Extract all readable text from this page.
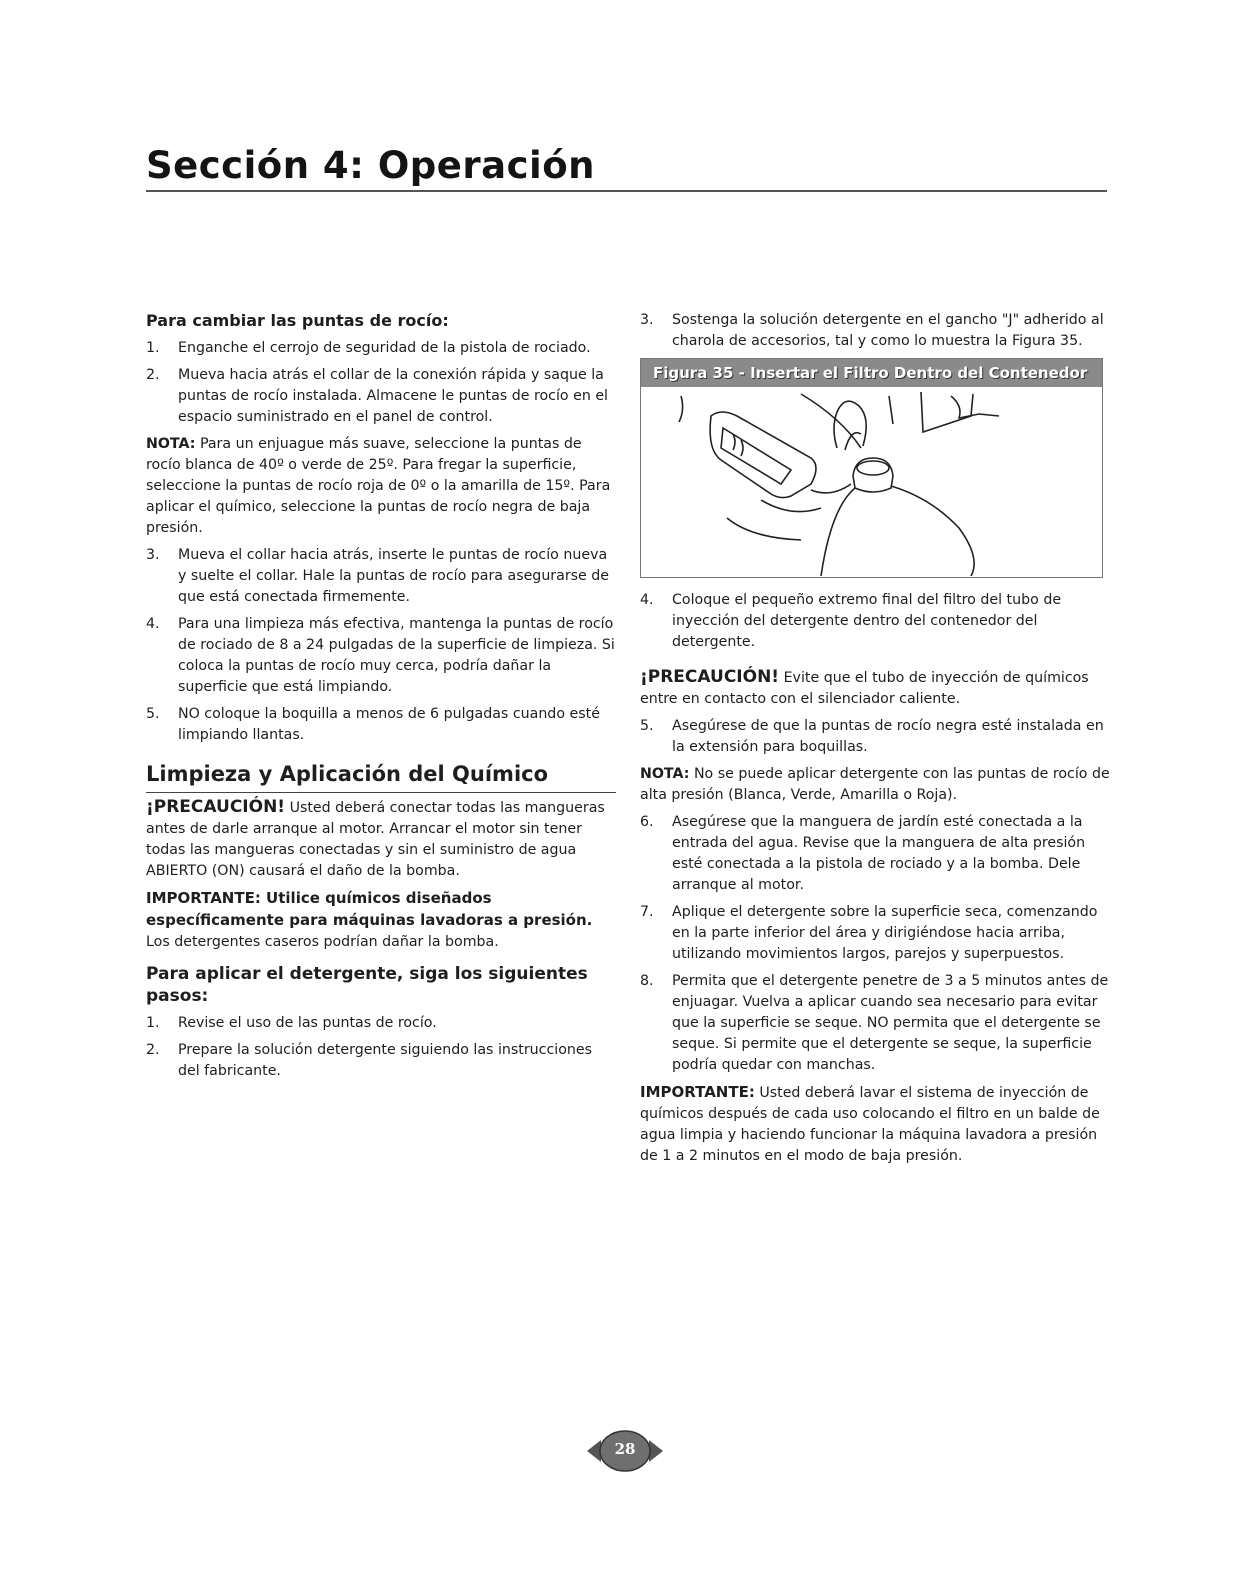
Sección 4: Operación
Para cambiar las puntas de rocío:
1.	Enganche el cerrojo de seguridad de la pistola de rociado.
2.	Mueva hacia atrás el collar de la conexión rápida y saque la puntas de rocío instalada. Almacene le puntas de rocío en el espacio suministrado en el panel de control.

NOTA: Para un enjuague más suave, seleccione la puntas de rocío blanca de 40º o verde de 25º. Para fregar la superficie, seleccione la puntas de rocío roja de 0º o la amarilla de 15º. Para aplicar el químico, seleccione la puntas de rocío negra de baja presión.

3.	Mueva el collar hacia atrás, inserte le puntas de rocío nueva y suelte el collar. Hale la puntas de rocío para asegurarse de que está conectada firmemente.
4.	Para una limpieza más efectiva, mantenga la puntas de rocío de rociado de 8 a 24 pulgadas de la superficie de limpieza. Si coloca la puntas de rocío muy cerca, podría dañar la superficie que está limpiando.
5.	NO coloque la boquilla a menos de 6 pulgadas cuando esté limpiando llantas.
Limpieza y Aplicación del Químico

¡PRECAUCIÓN! Usted deberá conectar todas las mangueras antes de darle arranque al motor. Arrancar el motor sin tener todas las mangueras conectadas y sin el suministro de agua ABIERTO (ON) causará el daño de la bomba.

IMPORTANTE: Utilice químicos diseñados específicamente para máquinas lavadoras a presión. Los detergentes caseros podrían dañar la bomba.

Para aplicar el detergente, siga los siguientes pasos:
1.	Revise el uso de las puntas de rocío.
2.	Prepare la solución detergente siguiendo las instrucciones del fabricante.
3.	Sostenga la solución detergente en el gancho "J" adherido al charola de accesorios, tal y como lo muestra la Figura 35.
Figura 35 - Insertar el Filtro Dentro del Contenedor
4.	Coloque el pequeño extremo final del filtro del tubo de inyección del detergente dentro del contenedor del detergente.

¡PRECAUCIÓN! Evite que el tubo de inyección de químicos entre en contacto con el silenciador caliente.

5.	Asegúrese de que la puntas de rocío negra esté instalada en la extensión para boquillas.

NOTA: No se puede aplicar detergente con las puntas de rocío de alta presión (Blanca, Verde, Amarilla o Roja).

6.	Asegúrese que la manguera de jardín esté conectada a la entrada del agua. Revise que la manguera de alta presión esté conectada a la pistola de rociado y a la bomba. Dele arranque al motor.
7.	Aplique el detergente sobre la superficie seca, comenzando en la parte inferior del área y dirigiéndose hacia arriba, utilizando movimientos largos, parejos y superpuestos.
8.	Permita que el detergente penetre de 3 a 5 minutos antes de enjuagar. Vuelva a aplicar cuando sea necesario para evitar que la superficie se seque. NO permita que el detergente se seque. Si permite que el detergente se seque, la superficie podría quedar con manchas.

IMPORTANTE: Usted deberá lavar el sistema de inyección de químicos después de cada uso colocando el filtro en un balde de agua limpia y haciendo funcionar la máquina lavadora a presión de 1 a 2 minutos en el modo de baja presión.

28
